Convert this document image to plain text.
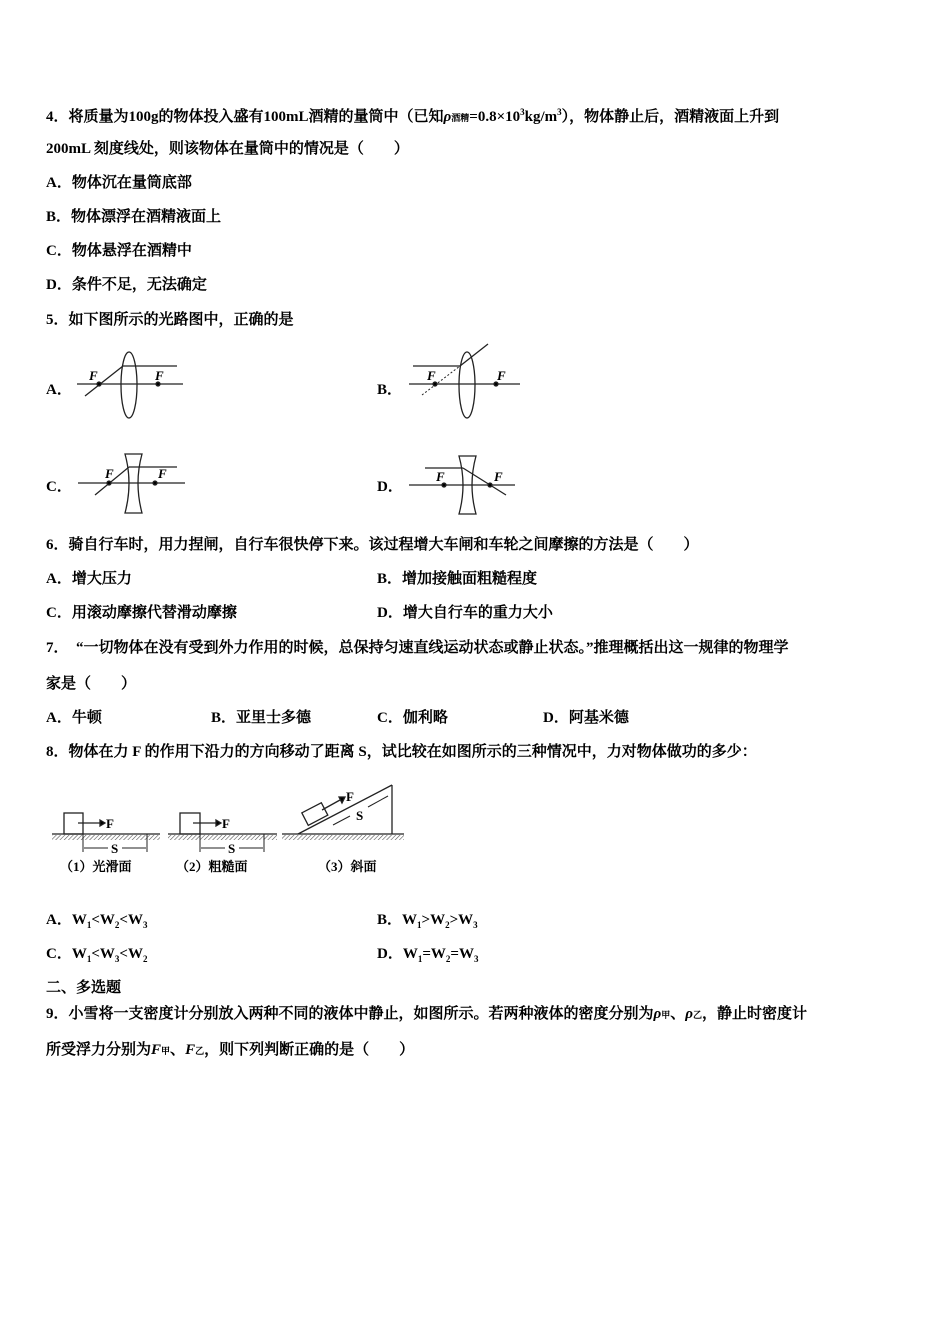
4．将质量为100g的物体投入盛有100mL酒精的量筒中（已知ρ酒精$=0.8\times 10^3kg/m^3$），物体静止后，酒精液面上升到
200mL 刻度线处，则该物体在量筒中的情况是（　　）
A．物体沉在量筒底部
B．物体漂浮在酒精液面上
C．物体悬浮在酒精中
D．条件不足，无法确定
5．如下图所示的光路图中，正确的是
A．	B．
C．	D．
F	F	F	F
F	F	F	F
F
S
（1）光滑面
F
S
（2）粗糙面
F
S
（3）斜面
6．骑自行车时，用力捏闸，自行车很快停下来。该过程增大车闸和车轮之间摩擦的方法是（　　）
A．增大压力	B．增加接触面粗糙程度
C．用滚动摩擦代替滑动摩擦	D．增大自行车的重力大小
7．　“一切物体在没有受到外力作用的时候，总保持匀速直线运动状态或静止状态。”推理概括出这一规律的物理学
家是（　　）
A．牛顿	B．亚里士多德	C．伽利略	D．阿基米德
8．物体在力 F 的作用下沿力的方向移动了距离 S，试比较在如图所示的三种情况中，力对物体做功的多少：
A．$W_1<W_2<W_3$	B．$W_1>W_2>W_3$
C．$W_1<W_3<W_2$	D．$W_1=W_2=W_3$
二、多选题
9．小雪将一支密度计分别放入两种不同的液体中静止，如图所示。若两种液体的密度分别为ρ甲、ρ乙，静止时密度计
所受浮力分别为F甲、F乙，则下列判断正确的是（　　）
